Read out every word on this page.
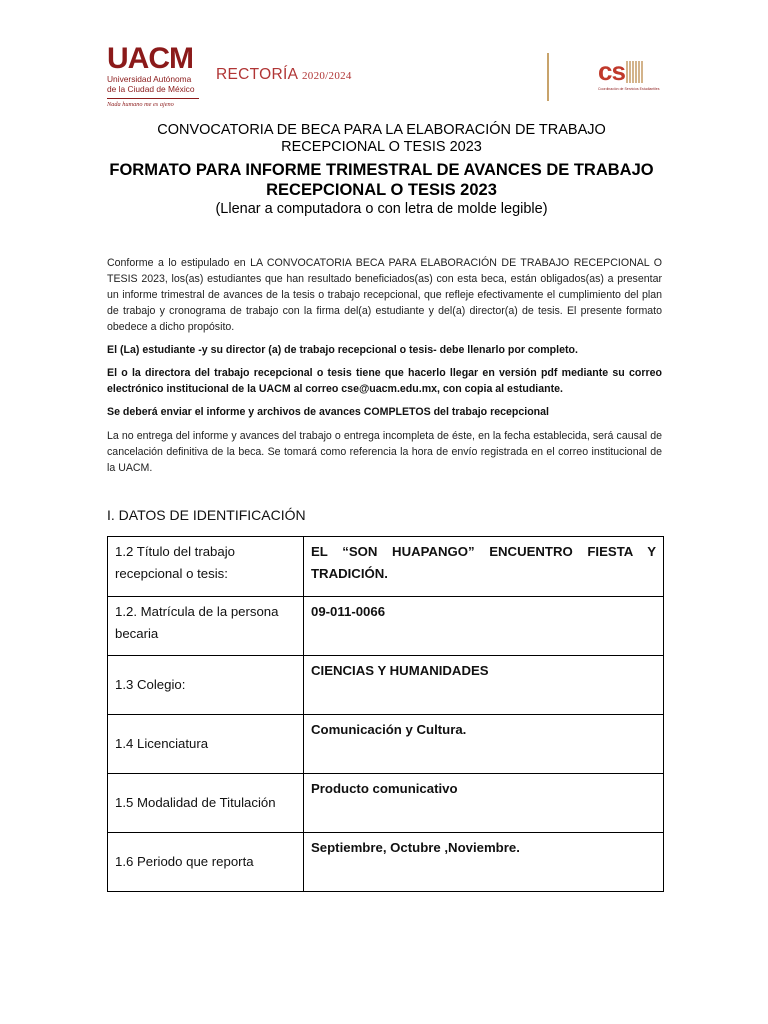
UACM
Universidad Autónoma
de la Ciudad de México
Nada humano me es ajeno
RECTORÍA 2020/2024	cs
Coordinación de Servicios Estudiantiles
CONVOCATORIA DE BECA PARA LA ELABORACIÓN DE TRABAJO RECEPCIONAL O TESIS 2023
FORMATO PARA INFORME TRIMESTRAL DE AVANCES DE TRABAJO RECEPCIONAL O TESIS 2023
(Llenar a computadora o con letra de molde legible)
Conforme a lo estipulado en LA CONVOCATORIA BECA PARA ELABORACIÓN DE TRABAJO RECEPCIONAL O TESIS 2023, los(as) estudiantes que han resultado beneficiados(as) con esta beca, están obligados(as) a presentar un informe trimestral de avances de la tesis o trabajo recepcional, que refleje efectivamente el cumplimiento del plan de trabajo y cronograma de trabajo con la firma del(a) estudiante y del(a) director(a) de tesis. El presente formato obedece a dicho propósito.
El (La) estudiante -y su director (a) de trabajo recepcional o tesis- debe llenarlo por completo.
El o la directora del trabajo recepcional o tesis tiene que hacerlo llegar en versión pdf mediante su correo electrónico institucional de la UACM al correo cse@uacm.edu.mx, con copia al estudiante.
Se deberá enviar el informe y archivos de avances COMPLETOS del trabajo recepcional
La no entrega del informe y avances del trabajo o entrega incompleta de éste, en la fecha establecida, será causal de cancelación definitiva de la beca. Se tomará como referencia la hora de envío registrada en el correo institucional de la UACM.
I. DATOS DE IDENTIFICACIÓN
1.2 Título del trabajo recepcional o tesis:	EL “SON HUAPANGO” ENCUENTRO FIESTA Y TRADICIÓN.
1.2. Matrícula de la persona becaria	09-011-0066
1.3 Colegio:	CIENCIAS Y HUMANIDADES
1.4 Licenciatura	Comunicación y Cultura.
1.5 Modalidad de Titulación	Producto comunicativo
1.6 Periodo que reporta	Septiembre, Octubre ,Noviembre.
